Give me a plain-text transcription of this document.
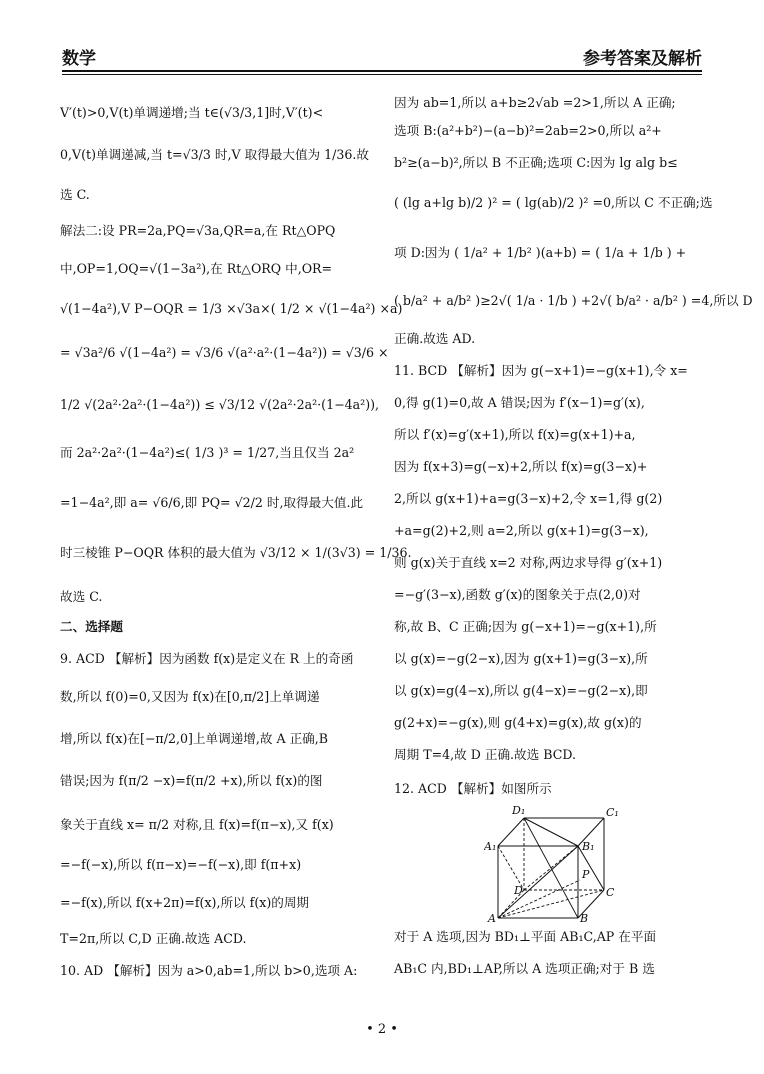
数学	参考答案及解析
V′(t)>0,V(t)单调递增;当 t∈(√3/3,1]时,V′(t)<
0,V(t)单调递减,当 t=√3/3 时,V 取得最大值为 1/36.故
选 C.
解法二:设 PR=2a,PQ=√3a,QR=a,在 Rt△OPQ
中,OP=1,OQ=√(1−3a²),在 Rt△ORQ 中,OR=
√(1−4a²),V P−OQR = 1/3 ×√3a×( 1/2 × √(1−4a²) ×a)
= √3a²/6 √(1−4a²) = √3/6 √(a²·a²·(1−4a²)) = √3/6 ×
1/2 √(2a²·2a²·(1−4a²)) ≤ √3/12 √(2a²·2a²·(1−4a²)),
而 2a²·2a²·(1−4a²)≤( 1/3 )³ = 1/27,当且仅当 2a²
=1−4a²,即 a= √6/6,即 PQ= √2/2 时,取得最大值.此
时三棱锥 P−OQR 体积的最大值为 √3/12 × 1/(3√3) = 1/36.
故选 C.
二、选择题
9. ACD 【解析】因为函数 f(x)是定义在 R 上的奇函
数,所以 f(0)=0,又因为 f(x)在[0,π/2]上单调递
增,所以 f(x)在[−π/2,0]上单调递增,故 A 正确,B
错误;因为 f(π/2 −x)=f(π/2 +x),所以 f(x)的图
象关于直线 x= π/2 对称,且 f(x)=f(π−x),又 f(x)
=−f(−x),所以 f(π−x)=−f(−x),即 f(π+x)
=−f(x),所以 f(x+2π)=f(x),所以 f(x)的周期
T=2π,所以 C,D 正确.故选 ACD.
10. AD 【解析】因为 a>0,ab=1,所以 b>0,选项 A:
因为 ab=1,所以 a+b≥2√ab =2>1,所以 A 正确;
选项 B:(a²+b²)−(a−b)²=2ab=2>0,所以 a²+
b²≥(a−b)²,所以 B 不正确;选项 C:因为 lg alg b≤
( (lg a+lg b)/2 )² = ( lg(ab)/2 )² =0,所以 C 不正确;选
项 D:因为 ( 1/a² + 1/b² )(a+b) = ( 1/a + 1/b ) +
( b/a² + a/b² )≥2√( 1/a · 1/b ) +2√( b/a² · a/b² ) =4,所以 D
正确.故选 AD.
11. BCD 【解析】因为 g(−x+1)=−g(x+1),令 x=
0,得 g(1)=0,故 A 错误;因为 f′(x−1)=g′(x),
所以 f′(x)=g′(x+1),所以 f(x)=g(x+1)+a,
因为 f(x+3)=g(−x)+2,所以 f(x)=g(3−x)+
2,所以 g(x+1)+a=g(3−x)+2,令 x=1,得 g(2)
+a=g(2)+2,则 a=2,所以 g(x+1)=g(3−x),
则 g(x)关于直线 x=2 对称,两边求导得 g′(x+1)
=−g′(3−x),函数 g′(x)的图象关于点(2,0)对
称,故 B、C 正确;因为 g(−x+1)=−g(x+1),所
以 g(x)=−g(2−x),因为 g(x+1)=g(3−x),所
以 g(x)=g(4−x),所以 g(4−x)=−g(2−x),即
g(2+x)=−g(x),则 g(4+x)=g(x),故 g(x)的
周期 T=4,故 D 正确.故选 BCD.
12. ACD 【解析】如图所示
对于 A 选项,因为 BD₁⊥平面 AB₁C,AP 在平面
AB₁C 内,BD₁⊥AP,所以 A 选项正确;对于 B 选
D₁	C₁
A₁	B₁
P
D	C
A	B
• 2 •
